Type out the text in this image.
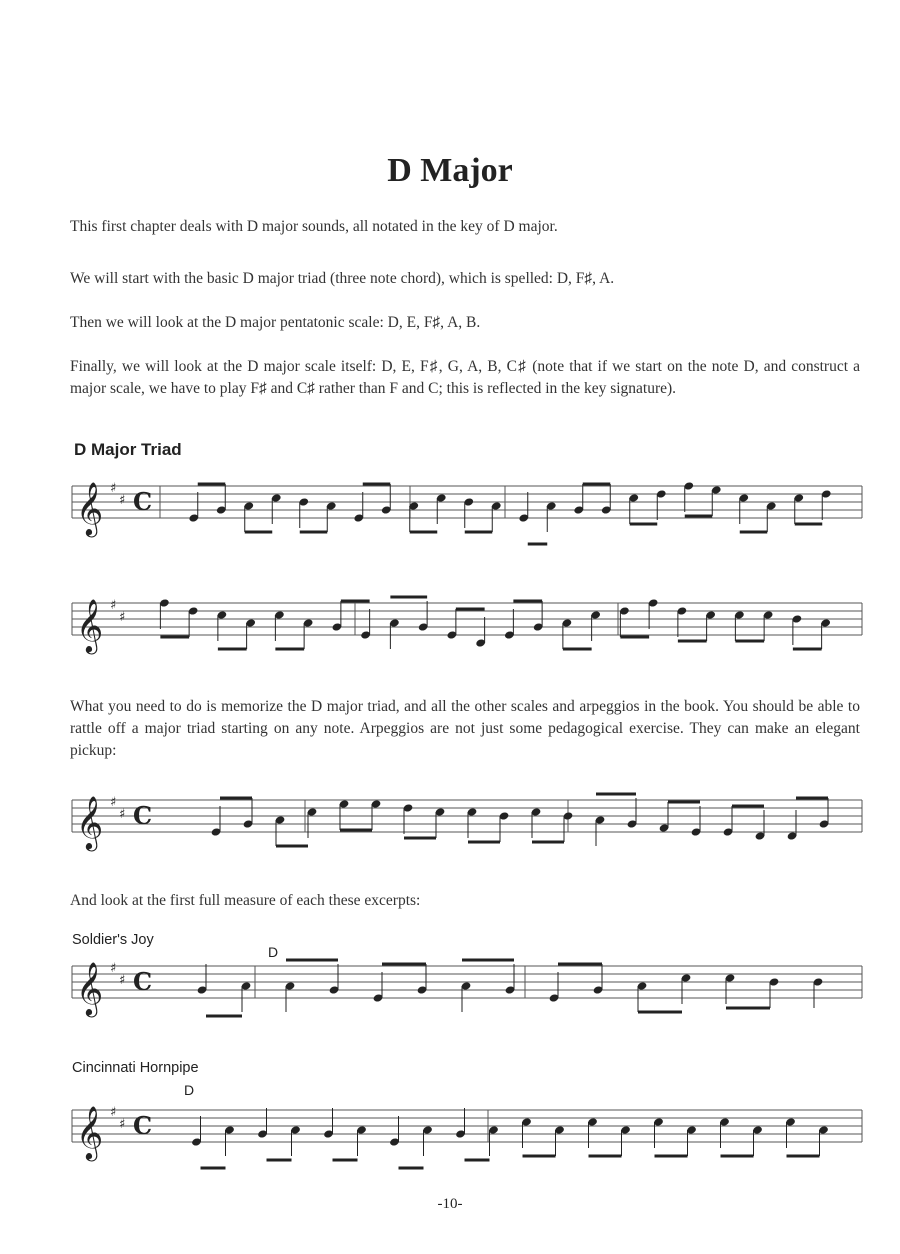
D Major
This first chapter deals with D major sounds, all notated in the key of D major.
We will start with the basic D major triad (three note chord), which is spelled: D, F♯, A.
Then we will look at the D major pentatonic scale: D, E, F♯, A, B.
Finally, we will look at the D major scale itself: D, E, F♯, G, A, B, C♯ (note that if we start on the note D, and construct a major scale, we have to play F♯ and C♯ rather than F and C; this is reflected in the key signature).
D Major Triad
What you need to do is memorize the D major triad, and all the other scales and arpeggios in the book. You should be able to rattle off a major triad starting on any note. Arpeggios are not just some pedagogical exercise. They can make an elegant pickup:
And look at the first full measure of each these excerpts:
Soldier's Joy
D
Cincinnati Hornpipe
D
𝄞 ♯
♯ C
𝄞 ♯
♯
𝄞 ♯
♯ C
𝄞 ♯
♯ C
𝄞 ♯
♯ C
-10-
